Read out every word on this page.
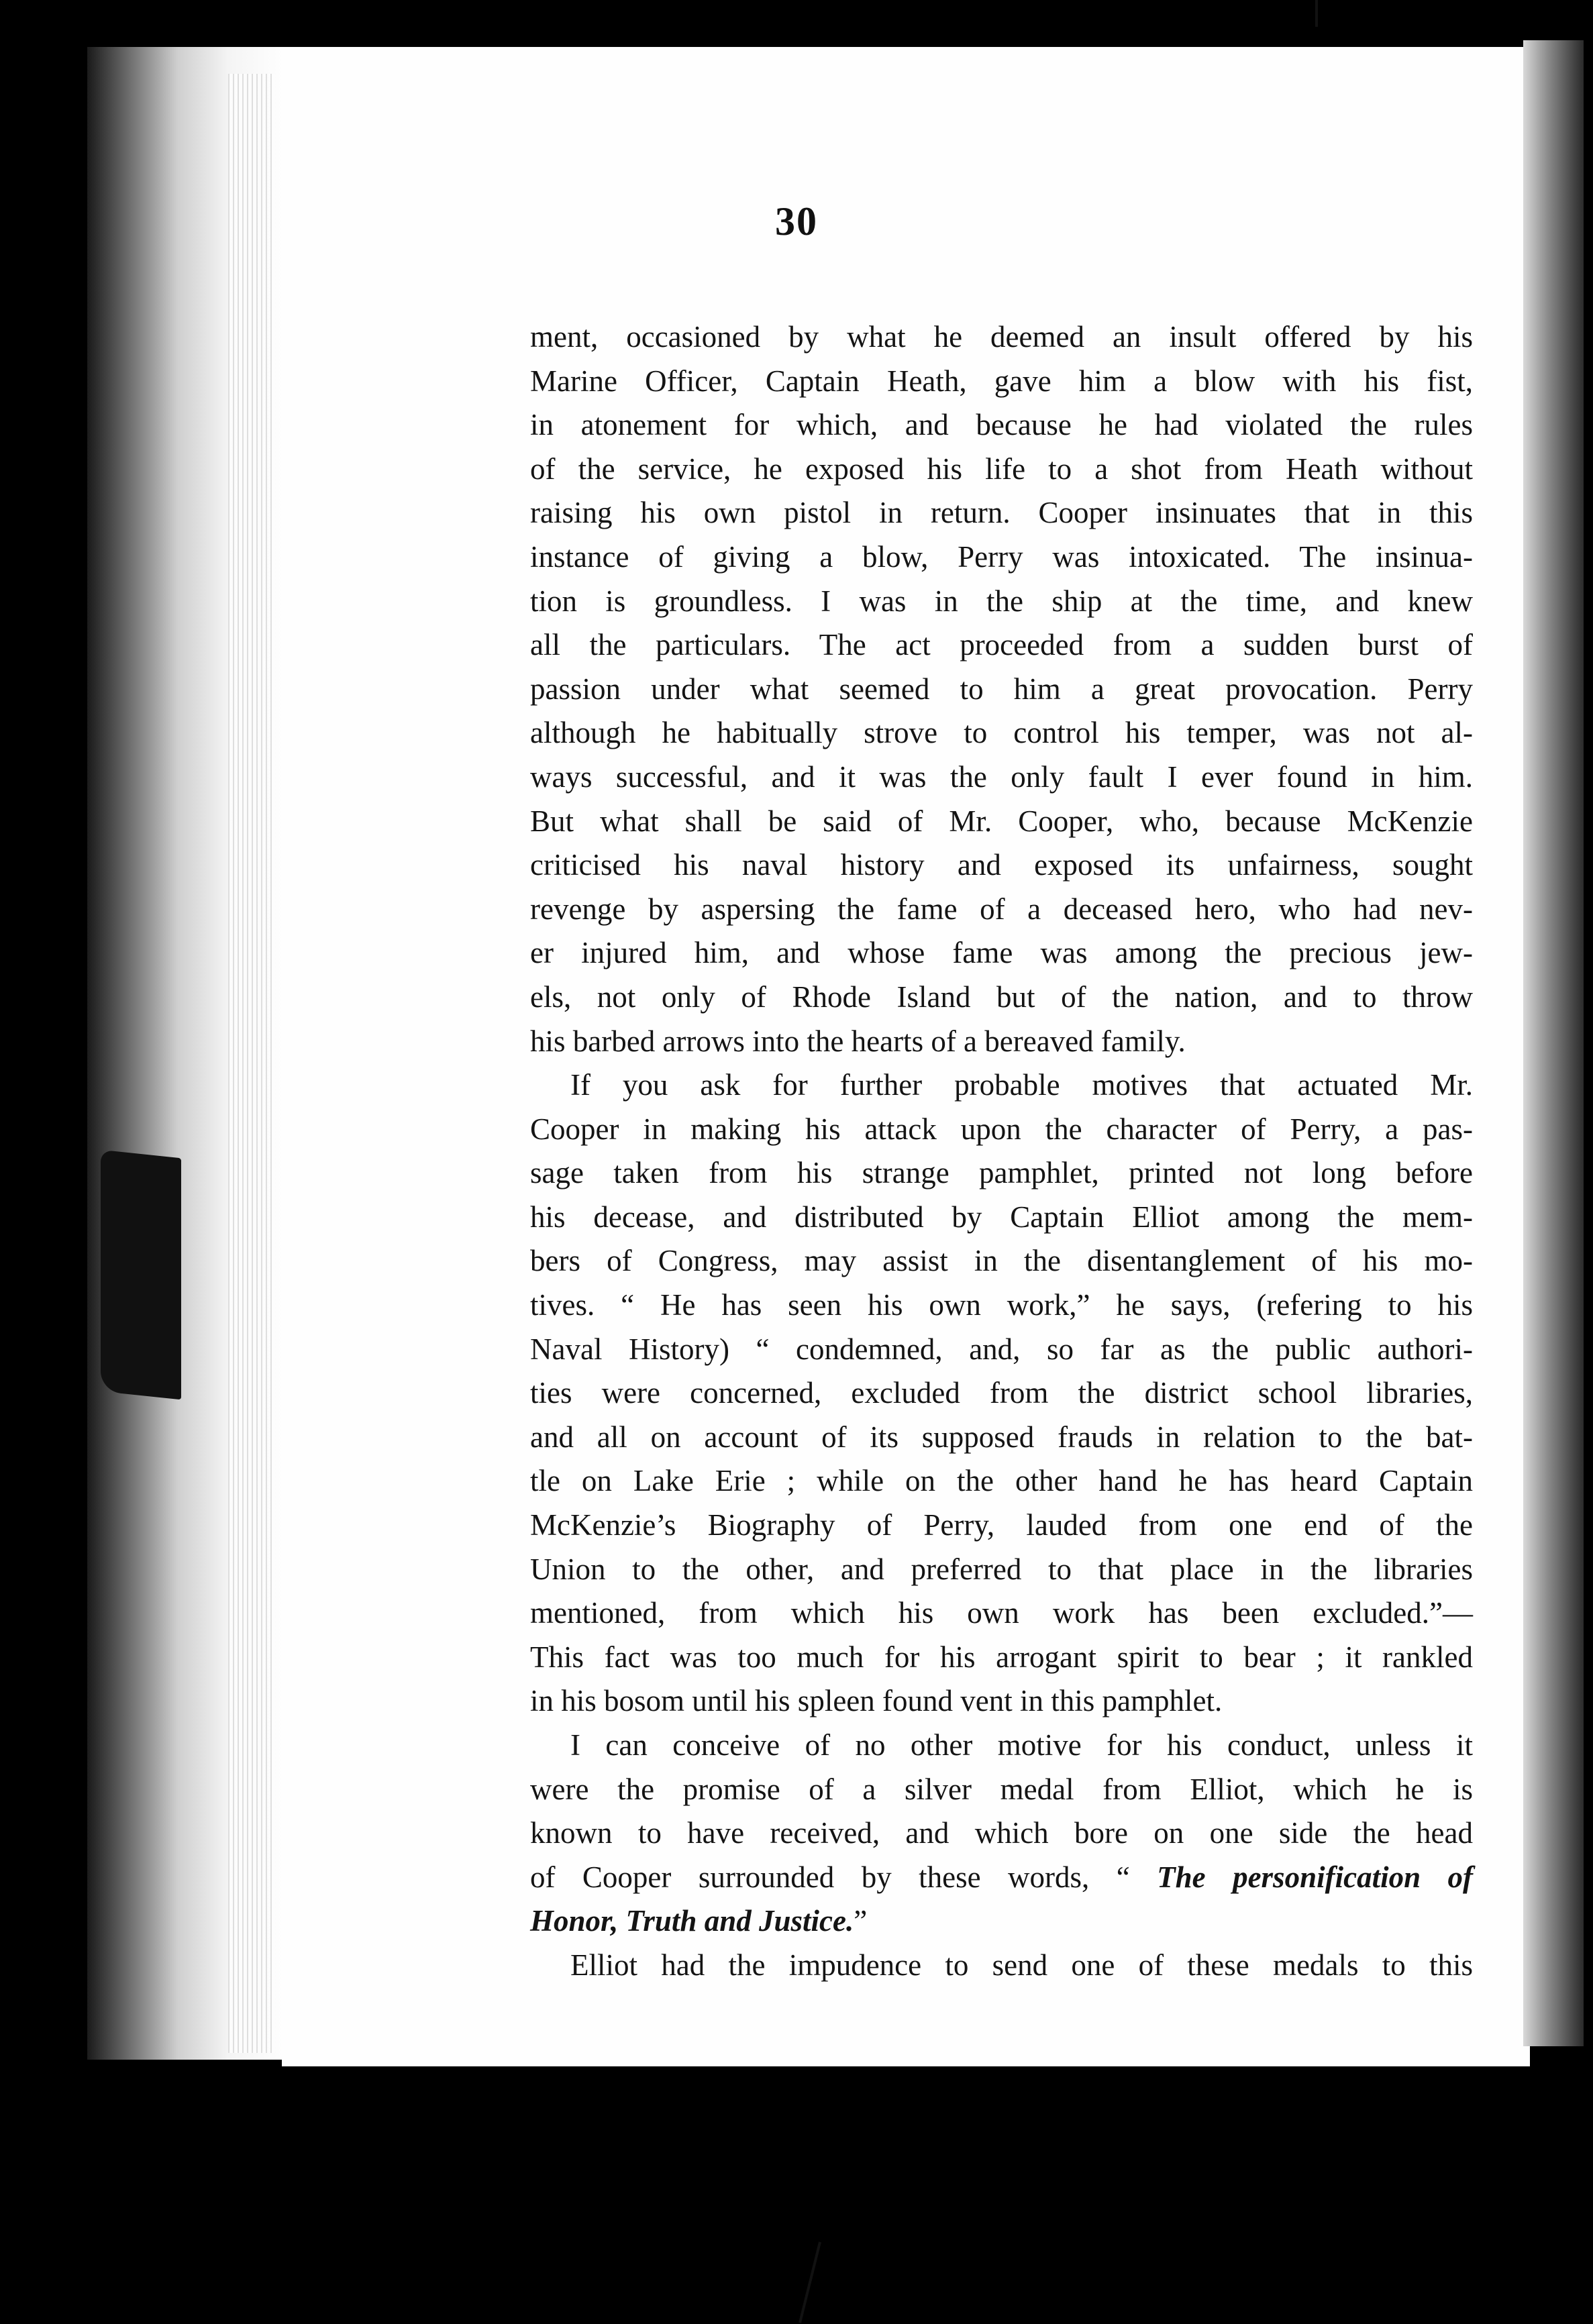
30

ment, occasioned by what he deemed an insult offered by his
Marine Officer, Captain Heath, gave him a blow with his fist,
in atonement for which, and because he had violated the rules
of the service, he exposed his life to a shot from Heath without
raising his own pistol in return. Cooper insinuates that in this
instance of giving a blow, Perry was intoxicated. The insinua-
tion is groundless. I was in the ship at the time, and knew
all the particulars. The act proceeded from a sudden burst of
passion under what seemed to him a great provocation. Perry
although he habitually strove to control his temper, was not al-
ways successful, and it was the only fault I ever found in him.
But what shall be said of Mr. Cooper, who, because McKenzie
criticised his naval history and exposed its unfairness, sought
revenge by aspersing the fame of a deceased hero, who had nev-
er injured him, and whose fame was among the precious jew-
els, not only of Rhode Island but of the nation, and to throw
his barbed arrows into the hearts of a bereaved family.

If you ask for further probable motives that actuated Mr.
Cooper in making his attack upon the character of Perry, a pas-
sage taken from his strange pamphlet, printed not long before
his decease, and distributed by Captain Elliot among the mem-
bers of Congress, may assist in the disentanglement of his mo-
tives. “ He has seen his own work,” he says, (refering to his
Naval History) “ condemned, and, so far as the public authori-
ties were concerned, excluded from the district school libraries,
and all on account of its supposed frauds in relation to the bat-
tle on Lake Erie ; while on the other hand he has heard Captain
McKenzie’s Biography of Perry, lauded from one end of the
Union to the other, and preferred to that place in the libraries
mentioned, from which his own work has been excluded.”—
This fact was too much for his arrogant spirit to bear ; it rankled
in his bosom until his spleen found vent in this pamphlet.

I can conceive of no other motive for his conduct, unless it
were the promise of a silver medal from Elliot, which he is
known to have received, and which bore on one side the head
of Cooper surrounded by these words, “ The personification of
Honor, Truth and Justice.”

Elliot had the impudence to send one of these medals to this
